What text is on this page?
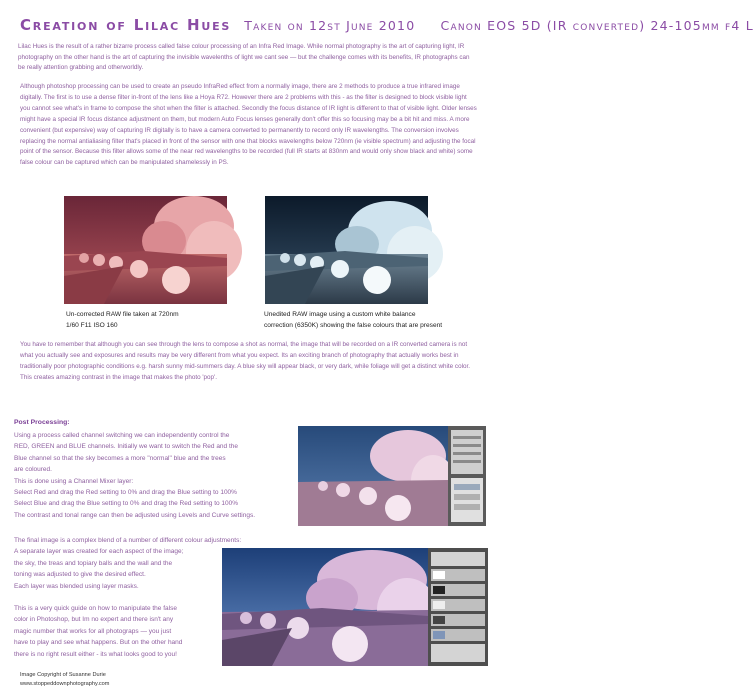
Creation of Lilac Hues Taken on 12st June 2010 Canon EOS 5D (IR converted) 24-105mm f4 L

Lilac Hues is the result of a rather bizarre process called false colour processing of an Infra Red Image. While normal photography is the art of capturing light, IR photography on the other hand is the art of capturing the invisible wavelenths of light we cant see — but the challenge comes with its benefits, IR photographs can be really attention grabbing and otherworldly.

Although photoshop processing can be used to create an pseudo InfraRed effect from a normally image, there are 2 methods to produce a true infrared image digitally. The first is to use a dense filter in-front of the lens like a Hoya R72. However there are 2 problems with this - as the filter is designed to block visible light you cannot see what's in frame to compose the shot when the filter is attached. Secondly the focus distance of IR light is different to that of visible light. Older lenses might have a special IR focus distance adjustment on them, but modern Auto Focus lenses generally don't offer this so focusing may be a bit hit and miss. A more convenient (but expensive) way of capturing IR digitally is to have a camera converted to permanently to record only IR wavelengths. The conversion involves replacing the normal antialiasing filter that's placed in front of the sensor with one that blocks wavelengths below 720nm (ie visible spectrum) and adjusting the focal point of the sensor. Because this filter allows some of the near red wavelengths to be recorded (full IR starts at 830nm and would only show black and white) some false colour can be captured which can be manipulated shamelessly in PS.

Un-corrected RAW file taken at 720nm
1/60 F11 ISO 160
Unedited RAW image using a custom white balance
correction (6350K) showing the false colours that are present

You have to remember that although you can see through the lens to compose a shot as normal, the image that will be recorded on a IR converted camera is not what you actually see and exposures and results may be very different from what you expect. Its an exciting branch of photography that actually works best in traditionally poor photographic conditions e.g. harsh sunny mid-summers day. A blue sky will appear black, or very dark, while foliage will get a distinct white color. This creates amazing contrast in the image that makes the photo 'pop'.

Post Processing:
Using a process called channel switching we can independently control the
RED, GREEN and BLUE channels. Initially we want to switch the Red and the
Blue channel so that the sky becomes a more "normal" blue and the trees
are coloured.
This is done using a Channel Mixer layer:
Select Red and drag the Red setting to 0% and drag the Blue setting to 100%
Select Blue and drag the Blue setting to 0% and drag the Red setting to 100%
The contrast and tonal range can then be adjusted using Levels and Curve settings.
The final image is a complex blend of a number of different colour adjustments:
A separate layer was created for each aspect of the image;
the sky, the treas and topiary balls and the wall and the
toning was adjusted to give the desired effect.
Each layer was blended using layer masks.
This is a very quick guide on how to manipulate the false
color in Photoshop, but Im no expert and there isn't any
magic number that works for all photograps — you just
have to play and see what happens. But on the other hand
there is no right result either - its what looks good to you!
Image Copyright of Susanne Durie
www.stoppeddownphotography.com
